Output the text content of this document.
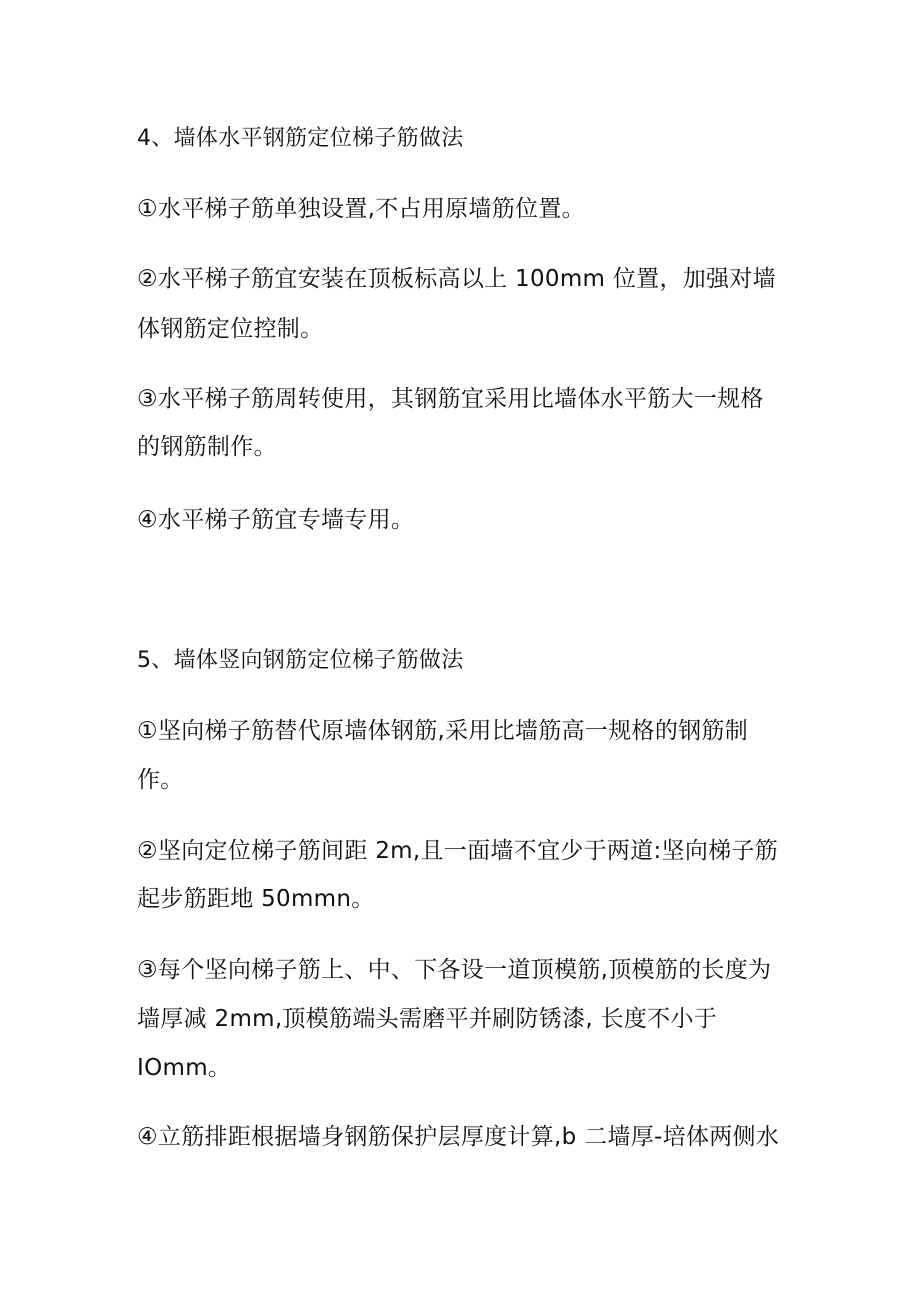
4、墙体水平钢筋定位梯子筋做法
①水平梯子筋单独设置,不占用原墙筋位置。
②水平梯子筋宜安装在顶板标高以上 100mm 位置，加强对墙
体钢筋定位控制。
③水平梯子筋周转使用，其钢筋宜采用比墙体水平筋大一规格
的钢筋制作。
④水平梯子筋宜专墙专用。
5、墙体竖向钢筋定位梯子筋做法
①坚向梯子筋替代原墙体钢筋,采用比墙筋高一规格的钢筋制
作。
②坚向定位梯子筋间距 2m,且一面墙不宜少于两道:坚向梯子筋
起步筋距地 50mmn。
③每个坚向梯子筋上、中、下各设一道顶模筋,顶模筋的长度为
墙厚减 2mm,顶模筋端头需磨平并刷防锈漆, 长度不小于
IOmm。
④立筋排距根据墙身钢筋保护层厚度计算,b 二墙厚-培体两侧水
